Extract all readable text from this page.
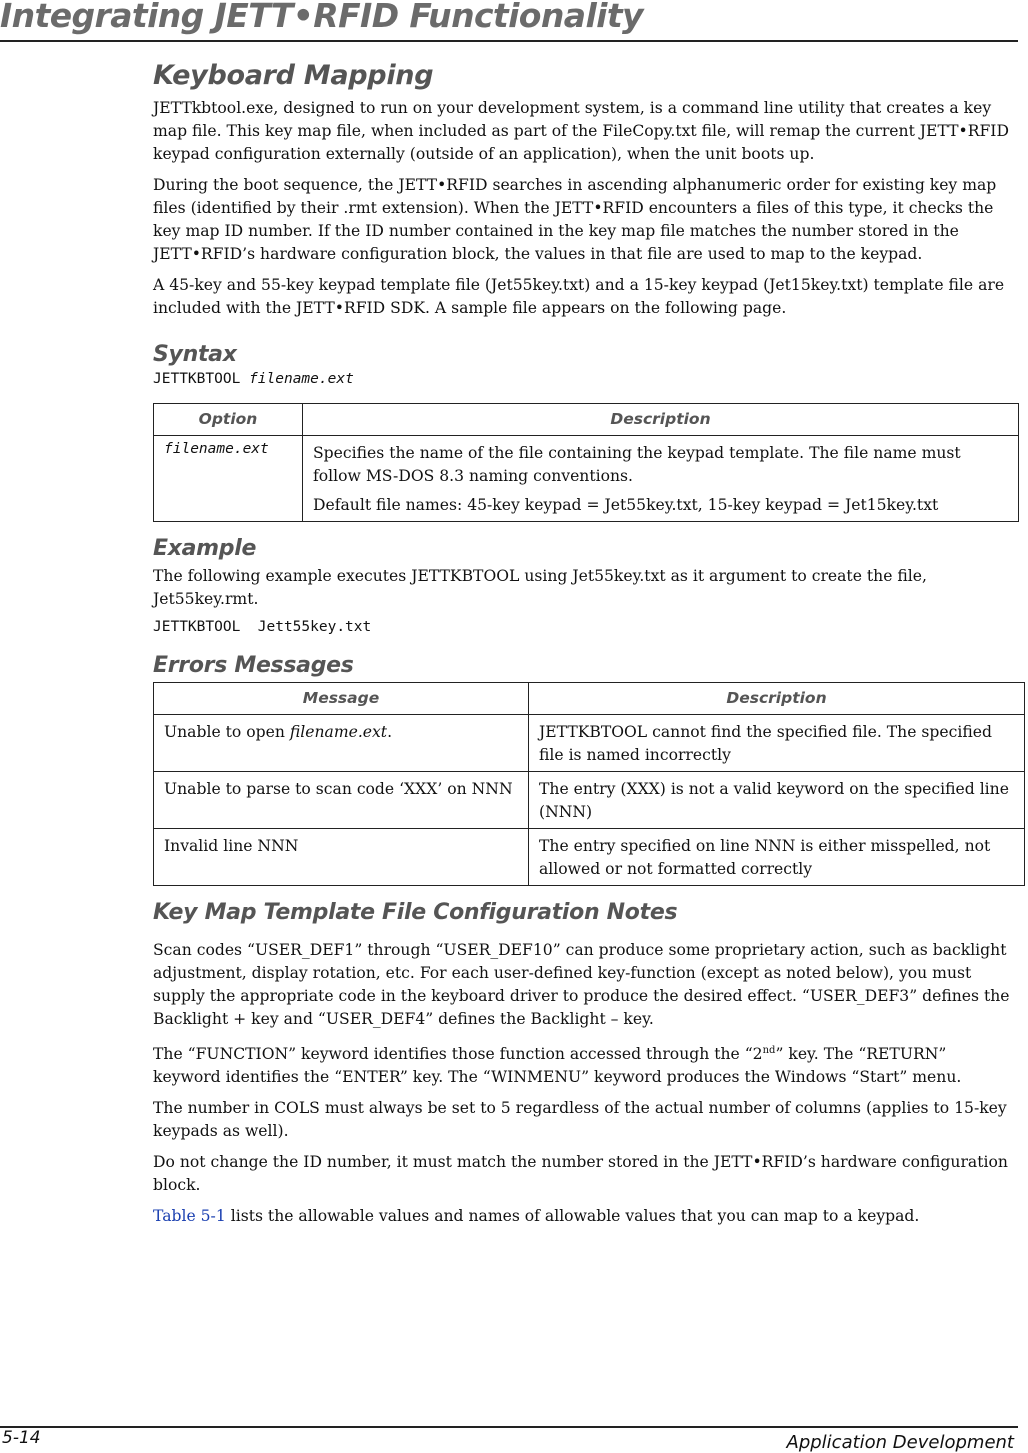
Integrating JETT•RFID Functionality
Keyboard Mapping

JETTkbtool.exe, designed to run on your development system, is a command line utility that creates a key map file. This key map file, when included as part of the FileCopy.txt file, will remap the current JETT•RFID keypad configuration externally (outside of an application), when the unit boots up.

During the boot sequence, the JETT•RFID searches in ascending alphanumeric order for existing key map files (identified by their .rmt extension). When the JETT•RFID encounters a files of this type, it checks the key map ID number. If the ID number contained in the key map file matches the number stored in the JETT•RFID’s hardware configuration block, the values in that file are used to map to the keypad.

A 45-key and 55-key keypad template file (Jet55key.txt) and a 15-key keypad (Jet15key.txt) template file are included with the JETT•RFID SDK. A sample file appears on the following page.

Syntax
JETTKBTOOL filename.ext
Option	Description
filename.ext	Specifies the name of the file containing the keypad template. The file name must follow MS-DOS 8.3 naming conventions.

Default file names: 45-key keypad = Jet55key.txt, 15-key keypad = Jet15key.txt

Example

The following example executes JETTKBTOOL using Jet55key.txt as it argument to create the file, Jet55key.rmt.

JETTKBTOOL  Jett55key.txt
Errors Messages
Message	Description
Unable to open filename.ext.	JETTKBTOOL cannot find the specified file. The specified file is named incorrectly
Unable to parse to scan code ‘XXX’ on NNN	The entry (XXX) is not a valid keyword on the specified line (NNN)
Invalid line NNN	The entry specified on line NNN is either misspelled, not allowed or not formatted correctly
Key Map Template File Configuration Notes

Scan codes “USER_DEF1” through “USER_DEF10” can produce some proprietary action, such as backlight adjustment, display rotation, etc. For each user-defined key-function (except as noted below), you must supply the appropriate code in the keyboard driver to produce the desired effect. “USER_DEF3” defines the Backlight + key and “USER_DEF4” defines the Backlight – key.

The “FUNCTION” keyword identifies those function accessed through the “2nd” key. The “RETURN” keyword identifies the “ENTER” key. The “WINMENU” keyword produces the Windows “Start” menu.

The number in COLS must always be set to 5 regardless of the actual number of columns (applies to 15-key keypads as well).

Do not change the ID number, it must match the number stored in the JETT•RFID’s hardware configuration block.

Table 5-1 lists the allowable values and names of allowable values that you can map to a keypad.

5-14	Application Development
